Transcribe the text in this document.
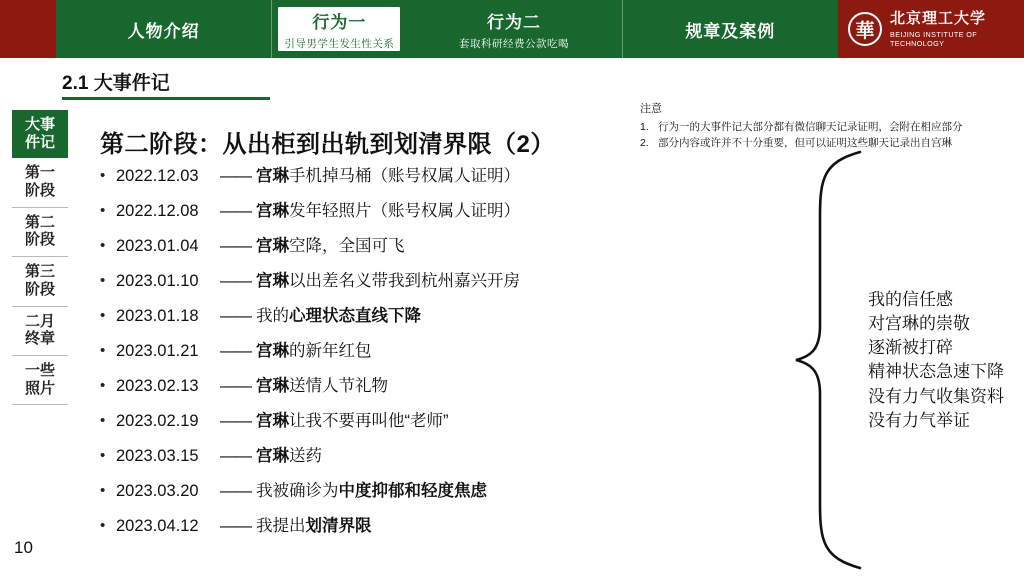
人物介绍	行为一
引导男学生发生性关系
行为二
套取科研经费公款吃喝
规章及案例	華
北京理工大学
BEIJING INSTITUTE OF TECHNOLOGY
2.1 大事件记
大事
件记
第一
阶段
第二
阶段
第三
阶段
二月
终章
一些
照片
10
第二阶段：从出柜到出轨到划清界限（2）
• 2022.12.03	—— 宫琳手机掉马桶（账号权属人证明）
• 2022.12.08	—— 宫琳发年轻照片（账号权属人证明）
• 2023.01.04	—— 宫琳空降，全国可飞
• 2023.01.10	—— 宫琳以出差名义带我到杭州嘉兴开房
• 2023.01.18	—— 我的心理状态直线下降
• 2023.01.21	—— 宫琳的新年红包
• 2023.02.13	—— 宫琳送情人节礼物
• 2023.02.19	—— 宫琳让我不要再叫他“老师”
• 2023.03.15	—— 宫琳送药
• 2023.03.20	—— 我被确诊为中度抑郁和轻度焦虑
• 2023.04.12	—— 我提出划清界限
注意
1. 行为一的大事件记大部分都有微信聊天记录证明，会附在相应部分
2. 部分内容或许并不十分重要，但可以证明这些聊天记录出自宫琳
我的信任感
对宫琳的崇敬
逐渐被打碎
精神状态急速下降
没有力气收集资料
没有力气举证
